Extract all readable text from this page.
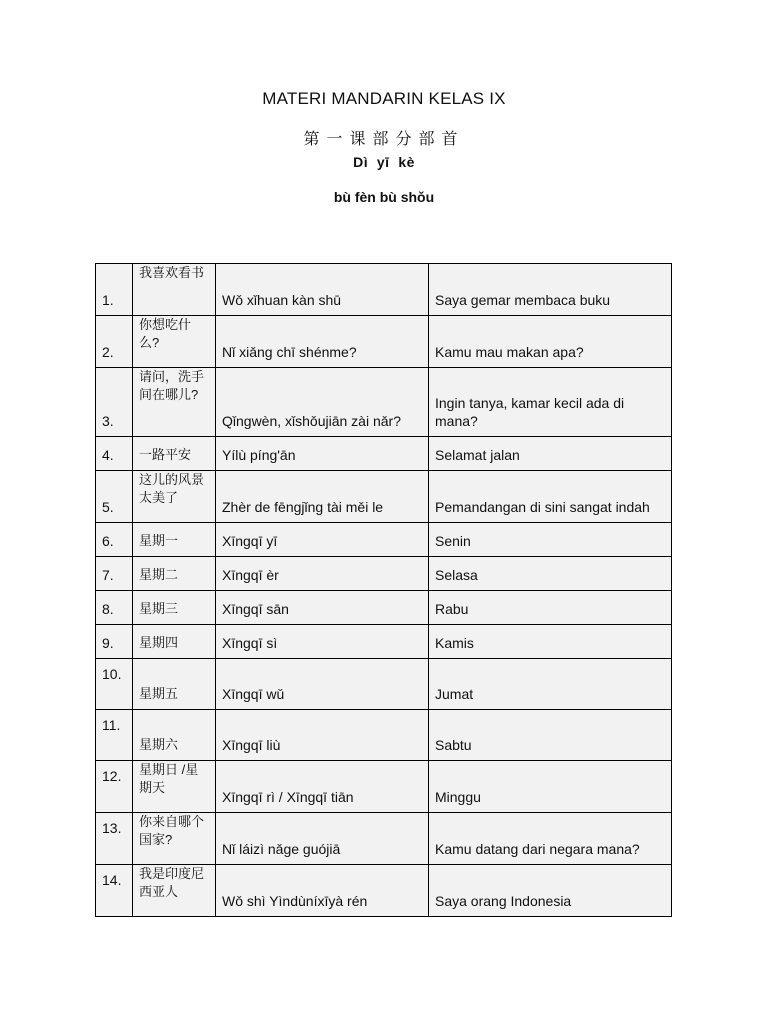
MATERI MANDARIN KELAS IX
第一课部分部首
Dì  yī  kè
bù fèn bù shǒu
1.	我喜欢看书	Wǒ xǐhuan kàn shū	Saya gemar membaca buku
2.	你想吃什么?	Nǐ xiǎng chī shénme?	Kamu mau makan apa?
3.	请问，洗手间在哪儿?	Qǐngwèn, xǐshǒujiān zài nǎr?	Ingin tanya, kamar kecil ada di mana?
4.	一路平安	Yílù píng'ān	Selamat jalan
5.	这儿的风景太美了	Zhèr de fēngjǐng tài měi le	Pemandangan di sini sangat indah
6.	星期一	Xīngqī yī	Senin
7.	星期二	Xīngqī èr	Selasa
8.	星期三	Xīngqī sān	Rabu
9.	星期四	Xīngqī sì	Kamis
10.	星期五	Xīngqī wǔ	Jumat
11.	星期六	Xīngqī liù	Sabtu
12.	星期日 /星期天	Xīngqī rì / Xīngqī tiān	Minggu
13.	你来自哪个国家?	Nǐ láizì nǎge guójiā	Kamu datang dari negara mana?
14.	我是印度尼西亚人	Wǒ shì Yìndùníxīyà rén	Saya orang Indonesia
